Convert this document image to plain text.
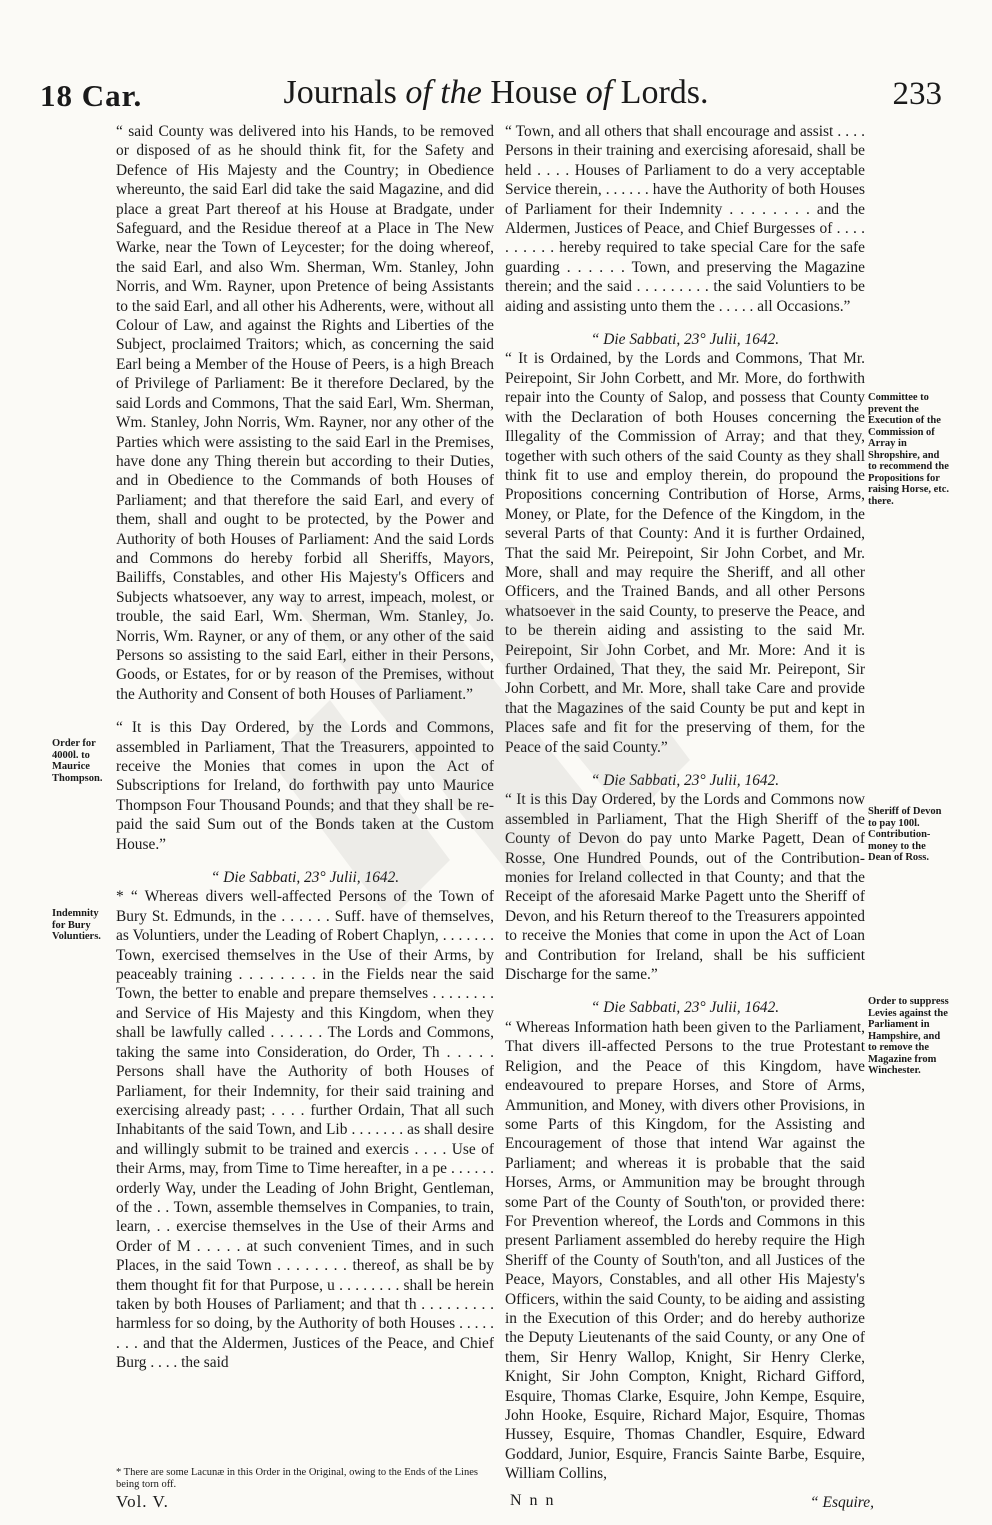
18 Car.	Journals of the House of Lords.	233

“ said County was delivered into his Hands, to be removed or disposed of as he should think fit, for the Safety and Defence of His Majesty and the Country; in Obedience whereunto, the said Earl did take the said Magazine, and did place a great Part thereof at his House at Bradgate, under Safeguard, and the Residue thereof at a Place in The New Warke, near the Town of Leycester; for the doing whereof, the said Earl, and also Wm. Sherman, Wm. Stanley, John Norris, and Wm. Rayner, upon Pretence of being Assistants to the said Earl, and all other his Adherents, were, without all Colour of Law, and against the Rights and Liberties of the Subject, proclaimed Traitors; which, as concerning the said Earl being a Member of the House of Peers, is a high Breach of Privilege of Parliament: Be it therefore Declared, by the said Lords and Commons, That the said Earl, Wm. Sherman, Wm. Stanley, John Norris, Wm. Rayner, nor any other of the Parties which were assisting to the said Earl in the Premises, have done any Thing therein but according to their Duties, and in Obedience to the Commands of both Houses of Parliament; and that therefore the said Earl, and every of them, shall and ought to be protected, by the Power and Authority of both Houses of Parliament: And the said Lords and Commons do hereby forbid all Sheriffs, Mayors, Bailiffs, Constables, and other His Majesty's Officers and Subjects whatsoever, any way to arrest, impeach, molest, or trouble, the said Earl, Wm. Sherman, Wm. Stanley, Jo. Norris, Wm. Rayner, or any of them, or any other of the said Persons so assisting to the said Earl, either in their Persons, Goods, or Estates, for or by reason of the Premises, without the Authority and Consent of both Houses of Parliament.”

“ It is this Day Ordered, by the Lords and Commons, assembled in Parliament, That the Treasurers, appointed to receive the Monies that comes in upon the Act of Subscriptions for Ireland, do forthwith pay unto Maurice Thompson Four Thousand Pounds; and that they shall be re-paid the said Sum out of the Bonds taken at the Custom House.”

“ Die Sabbati, 23° Julii, 1642.

* “ Whereas divers well-affected Persons of the Town of Bury St. Edmunds, in the . . . . . . Suff. have of themselves, as Voluntiers, under the Leading of Robert Chaplyn, . . . . . . . Town, exercised themselves in the Use of their Arms, by peaceably training . . . . . . . . in the Fields near the said Town, the better to enable and prepare themselves . . . . . . . . and Service of His Majesty and this Kingdom, when they shall be lawfully called . . . . . . The Lords and Commons, taking the same into Consideration, do Order, Th . . . . . Persons shall have the Authority of both Houses of Parliament, for their Indemnity, for their said training and exercising already past; . . . . further Ordain, That all such Inhabitants of the said Town, and Lib . . . . . . . as shall desire and willingly submit to be trained and exercis . . . . Use of their Arms, may, from Time to Time hereafter, in a pe . . . . . . orderly Way, under the Leading of John Bright, Gentleman, of the . . Town, assemble themselves in Companies, to train, learn, . . exercise themselves in the Use of their Arms and Order of M . . . . . at such convenient Times, and in such Places, in the said Town . . . . . . . . thereof, as shall be by them thought fit for that Purpose, u . . . . . . . . shall be herein taken by both Houses of Parliament; and that th . . . . . . . . . harmless for so doing, by the Authority of both Houses . . . . . . . . and that the Aldermen, Justices of the Peace, and Chief Burg . . . . the said

“ Town, and all others that shall encourage and assist . . . . Persons in their training and exercising aforesaid, shall be held . . . . Houses of Parliament to do a very acceptable Service therein, . . . . . . have the Authority of both Houses of Parliament for their Indemnity . . . . . . . . and the Aldermen, Justices of Peace, and Chief Burgesses of . . . . . . . . . . hereby required to take special Care for the safe guarding . . . . . . Town, and preserving the Magazine therein; and the said . . . . . . . . . the said Voluntiers to be aiding and assisting unto them the . . . . . all Occasions.”

“ Die Sabbati, 23° Julii, 1642.

“ It is Ordained, by the Lords and Commons, That Mr. Peirepoint, Sir John Corbett, and Mr. More, do forthwith repair into the County of Salop, and possess that County with the Declaration of both Houses concerning the Illegality of the Commission of Array; and that they, together with such others of the said County as they shall think fit to use and employ therein, do propound the Propositions concerning Contribution of Horse, Arms, Money, or Plate, for the Defence of the Kingdom, in the several Parts of that County: And it is further Ordained, That the said Mr. Peirepoint, Sir John Corbet, and Mr. More, shall and may require the Sheriff, and all other Officers, and the Trained Bands, and all other Persons whatsoever in the said County, to preserve the Peace, and to be therein aiding and assisting to the said Mr. Peirepoint, Sir John Corbet, and Mr. More: And it is further Ordained, That they, the said Mr. Peirepont, Sir John Corbett, and Mr. More, shall take Care and provide that the Magazines of the said County be put and kept in Places safe and fit for the preserving of them, for the Peace of the said County.”

“ Die Sabbati, 23° Julii, 1642.

“ It is this Day Ordered, by the Lords and Commons now assembled in Parliament, That the High Sheriff of the County of Devon do pay unto Marke Pagett, Dean of Rosse, One Hundred Pounds, out of the Contribution-monies for Ireland collected in that County; and that the Receipt of the aforesaid Marke Pagett unto the Sheriff of Devon, and his Return thereof to the Treasurers appointed to receive the Monies that come in upon the Act of Loan and Contribution for Ireland, shall be his sufficient Discharge for the same.”

“ Die Sabbati, 23° Julii, 1642.

“ Whereas Information hath been given to the Parliament, That divers ill-affected Persons to the true Protestant Religion, and the Peace of this Kingdom, have endeavoured to prepare Horses, and Store of Arms, Ammunition, and Money, with divers other Provisions, in some Parts of this Kingdom, for the Assisting and Encouragement of those that intend War against the Parliament; and whereas it is probable that the said Horses, Arms, or Ammunition may be brought through some Part of the County of South'ton, or provided there: For Prevention whereof, the Lords and Commons in this present Parliament assembled do hereby require the High Sheriff of the County of South'ton, and all Justices of the Peace, Mayors, Constables, and all other His Majesty's Officers, within the said County, to be aiding and assisting in the Execution of this Order; and do hereby authorize the Deputy Lieutenants of the said County, or any One of them, Sir Henry Wallop, Knight, Sir Henry Clerke, Knight, Sir John Compton, Knight, Richard Gifford, Esquire, Thomas Clarke, Esquire, John Kempe, Esquire, John Hooke, Esquire, Richard Major, Esquire, Thomas Hussey, Esquire, Thomas Chandler, Esquire, Edward Goddard, Junior, Esquire, Francis Sainte Barbe, Esquire, William Collins,

Order for 4000l. to Maurice Thompson.
Indemnity for Bury Voluntiers.
Committee to prevent the Execution of the Commission of Array in Shropshire, and to recommend the Propositions for raising Horse, etc. there.
Sheriff of Devon to pay 100l. Contribution-money to the Dean of Ross.
Order to suppress Levies against the Parliament in Hampshire, and to remove the Magazine from Winchester.
* There are some Lacunæ in this Order in the Original, owing to the Ends of the Lines being torn off.
Vol. V.	N n n	“ Esquire,
